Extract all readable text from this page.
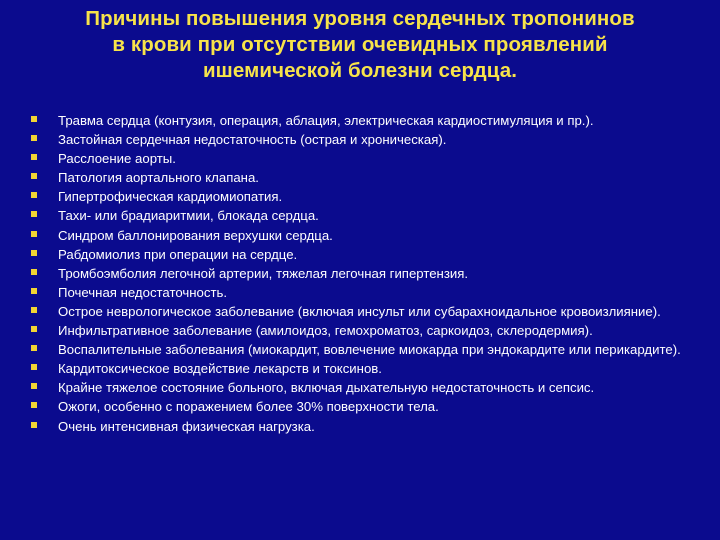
Причины повышения уровня сердечных тропонинов
в крови при отсутствии очевидных проявлений
ишемической болезни сердца.
Травма сердца (контузия, операция, аблация, электрическая кардиостимуляция и пр.).
Застойная сердечная недостаточность (острая и хроническая).
Расслоение аорты.
Патология аортального клапана.
Гипертрофическая кардиомиопатия.
Тахи- или брадиаритмии, блокада сердца.
Синдром баллонирования верхушки сердца.
Рабдомиолиз при операции на сердце.
Тромбоэмболия легочной артерии, тяжелая легочная гипертензия.
Почечная недостаточность.
Острое неврологическое заболевание (включая инсульт или субарахноидальное кровоизлияние).
Инфильтративное заболевание (амилоидоз, гемохроматоз, саркоидоз, склеродермия).
Воспалительные заболевания (миокардит, вовлечение миокарда при эндокардите или перикардите).
Кардитоксическое воздействие лекарств и токсинов.
Крайне тяжелое состояние больного, включая дыхательную недостаточность и сепсис.
Ожоги, особенно с поражением более 30% поверхности тела.
Очень интенсивная физическая нагрузка.
